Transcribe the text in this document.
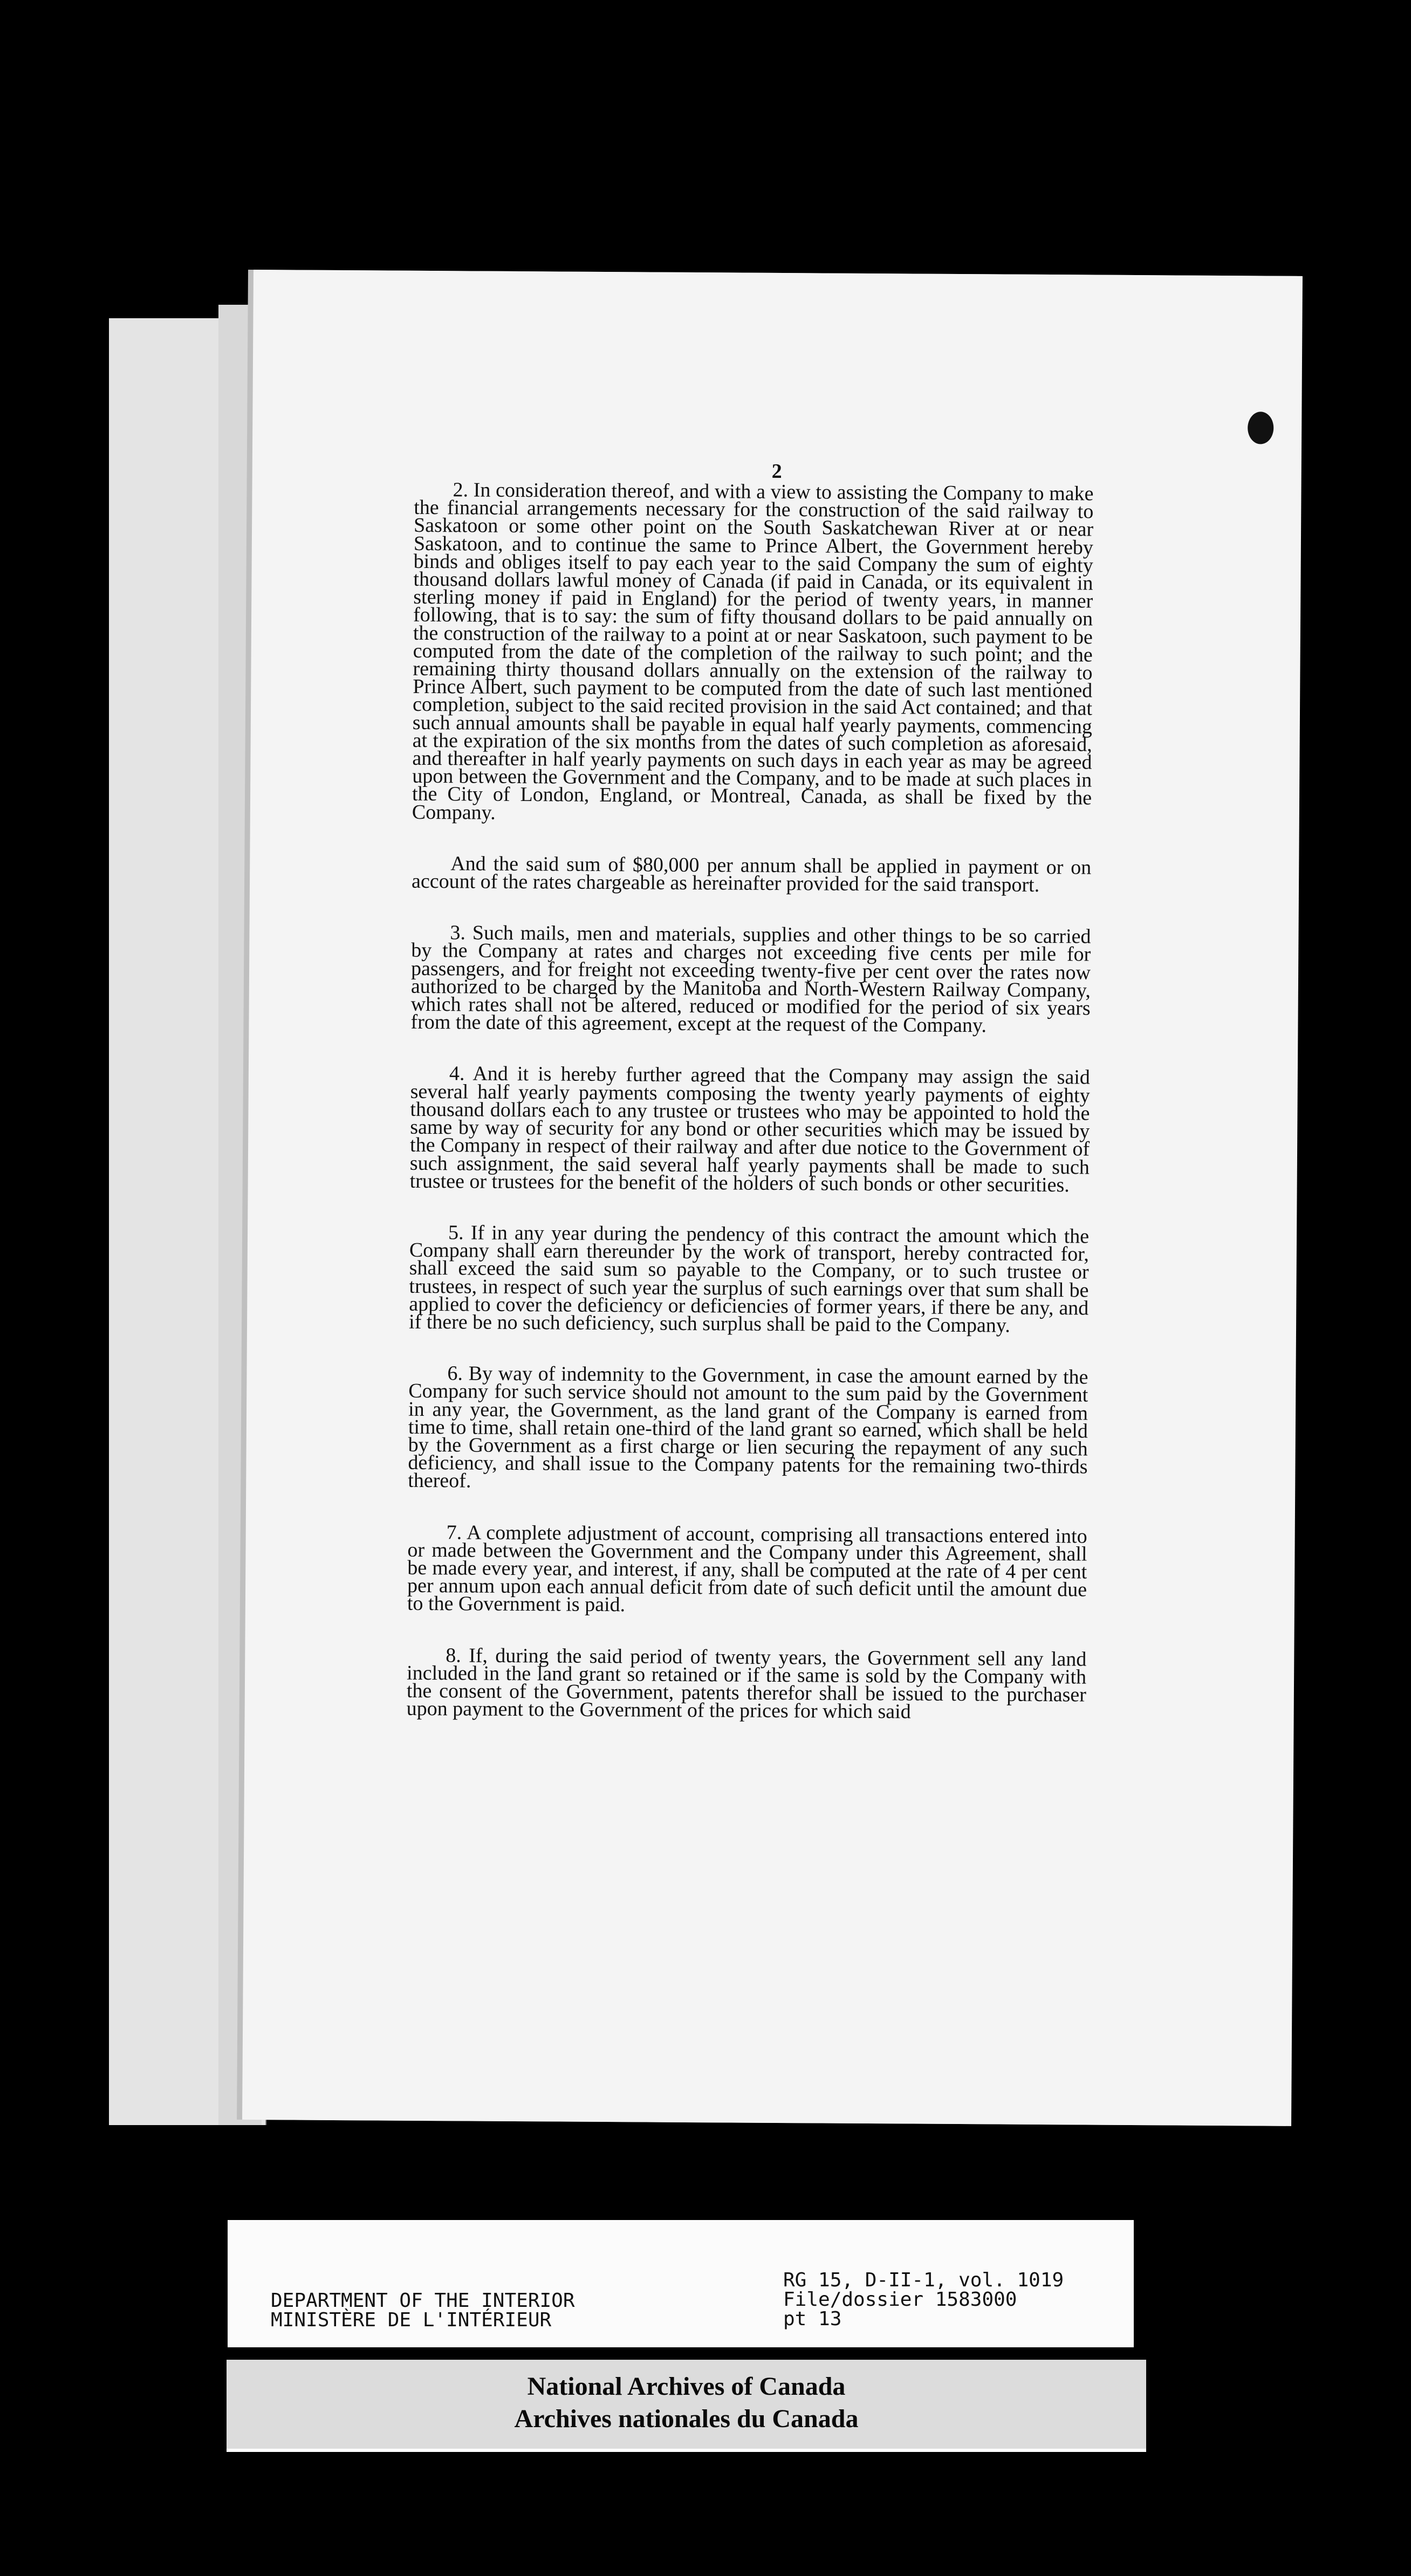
2

2. In consideration thereof, and with a view to assisting the Company to make the financial arrangements necessary for the construction of the said railway to Saskatoon or some other point on the South Saskatchewan River at or near Saskatoon, and to continue the same to Prince Albert, the Government hereby binds and obliges itself to pay each year to the said Company the sum of eighty thousand dollars lawful money of Canada (if paid in Canada, or its equivalent in sterling money if paid in England) for the period of twenty years, in manner following, that is to say: the sum of fifty thousand dollars to be paid annually on the construction of the railway to a point at or near Saskatoon, such payment to be computed from the date of the completion of the railway to such point; and the remaining thirty thousand dollars annually on the extension of the railway to Prince Albert, such payment to be computed from the date of such last mentioned completion, subject to the said recited provision in the said Act contained; and that such annual amounts shall be payable in equal half yearly payments, commencing at the expiration of the six months from the dates of such completion as aforesaid, and thereafter in half yearly payments on such days in each year as may be agreed upon between the Government and the Company, and to be made at such places in the City of London, England, or Montreal, Canada, as shall be fixed by the Company.

And the said sum of $80,000 per annum shall be applied in payment or on account of the rates chargeable as hereinafter provided for the said transport.

3. Such mails, men and materials, supplies and other things to be so carried by the Company at rates and charges not exceeding five cents per mile for passengers, and for freight not exceeding twenty-five per cent over the rates now authorized to be charged by the Manitoba and North-Western Railway Company, which rates shall not be altered, reduced or modified for the period of six years from the date of this agreement, except at the request of the Company.

4. And it is hereby further agreed that the Company may assign the said several half yearly payments composing the twenty yearly payments of eighty thousand dollars each to any trustee or trustees who may be appointed to hold the same by way of security for any bond or other securities which may be issued by the Company in respect of their railway and after due notice to the Government of such assignment, the said several half yearly payments shall be made to such trustee or trustees for the benefit of the holders of such bonds or other securities.

5. If in any year during the pendency of this contract the amount which the Company shall earn thereunder by the work of transport, hereby contracted for, shall exceed the said sum so payable to the Company, or to such trustee or trustees, in respect of such year the surplus of such earnings over that sum shall be applied to cover the deficiency or deficiencies of former years, if there be any, and if there be no such deficiency, such surplus shall be paid to the Company.

6. By way of indemnity to the Government, in case the amount earned by the Company for such service should not amount to the sum paid by the Government in any year, the Government, as the land grant of the Company is earned from time to time, shall retain one-third of the land grant so earned, which shall be held by the Government as a first charge or lien securing the repayment of any such deficiency, and shall issue to the Company patents for the remaining two-thirds thereof.

7. A complete adjustment of account, comprising all transactions entered into or made between the Government and the Company under this Agreement, shall be made every year, and interest, if any, shall be computed at the rate of 4 per cent per annum upon each annual deficit from date of such deficit until the amount due to the Government is paid.

8. If, during the said period of twenty years, the Government sell any land included in the land grant so retained or if the same is sold by the Company with the consent of the Government, patents therefor shall be issued to the purchaser upon payment to the Government of the prices for which said

DEPARTMENT OF THE INTERIOR
MINISTÈRE DE L'INTÉRIEUR
RG 15, D-II-1, vol. 1019
File/dossier 1583000
pt 13
National Archives of Canada
Archives nationales du Canada
